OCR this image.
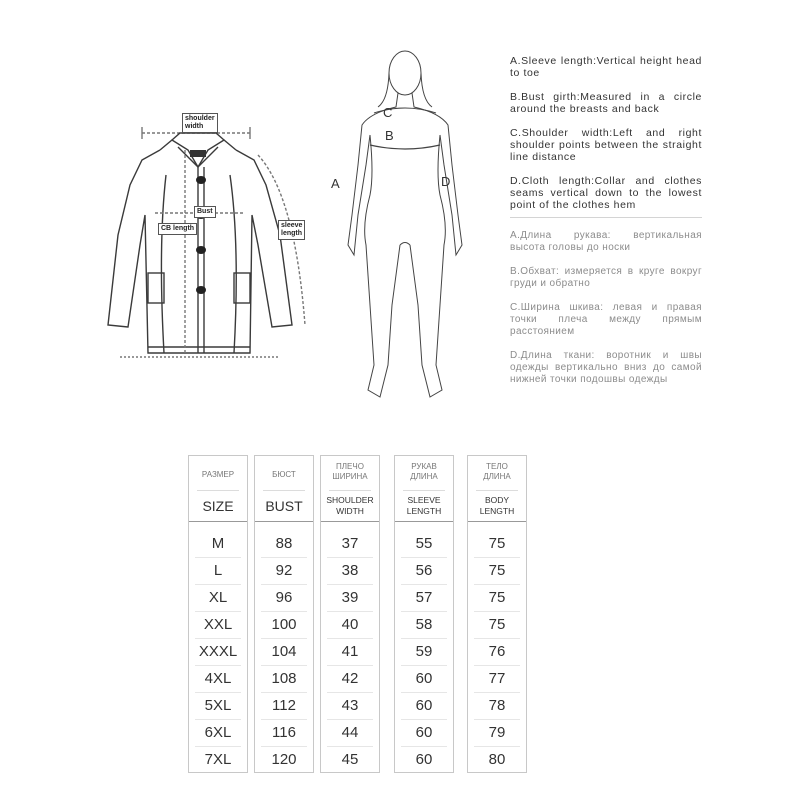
shoulder
width
Bust
CB length	sleeve
length
C
B
A	D
A.Sleeve length:Vertical height head to toe
B.Bust girth:Measured in a circle around the breasts and back
C.Shoulder width:Left and right shoulder points between the straight line distance
D.Cloth length:Collar and clothes seams vertical down to the lowest point of the clothes hem
A.Длина рукава: вертикальная высота головы до носки
B.Обхват: измеряется в круге вокруг груди и обратно
C.Ширина шкива: левая и правая точки плеча между прямым расстоянием
D.Длина ткани: воротник и швы одежды вертикально вниз до самой нижней точки подошвы одежды
РАЗМЕР
SIZE
M
L
XL
XXL
XXXL
4XL
5XL
6XL
7XL
БЮСТ
BUST
88
92
96
100
104
108
112
116
120
ПЛЕЧО
ШИРИНА
SHOULDER
WIDTH
37
38
39
40
41
42
43
44
45
РУКАВ
ДЛИНА
SLEEVE
LENGTH
55
56
57
58
59
60
60
60
60
ТЕЛО
ДЛИНА
BODY
LENGTH
75
75
75
75
76
77
78
79
80
